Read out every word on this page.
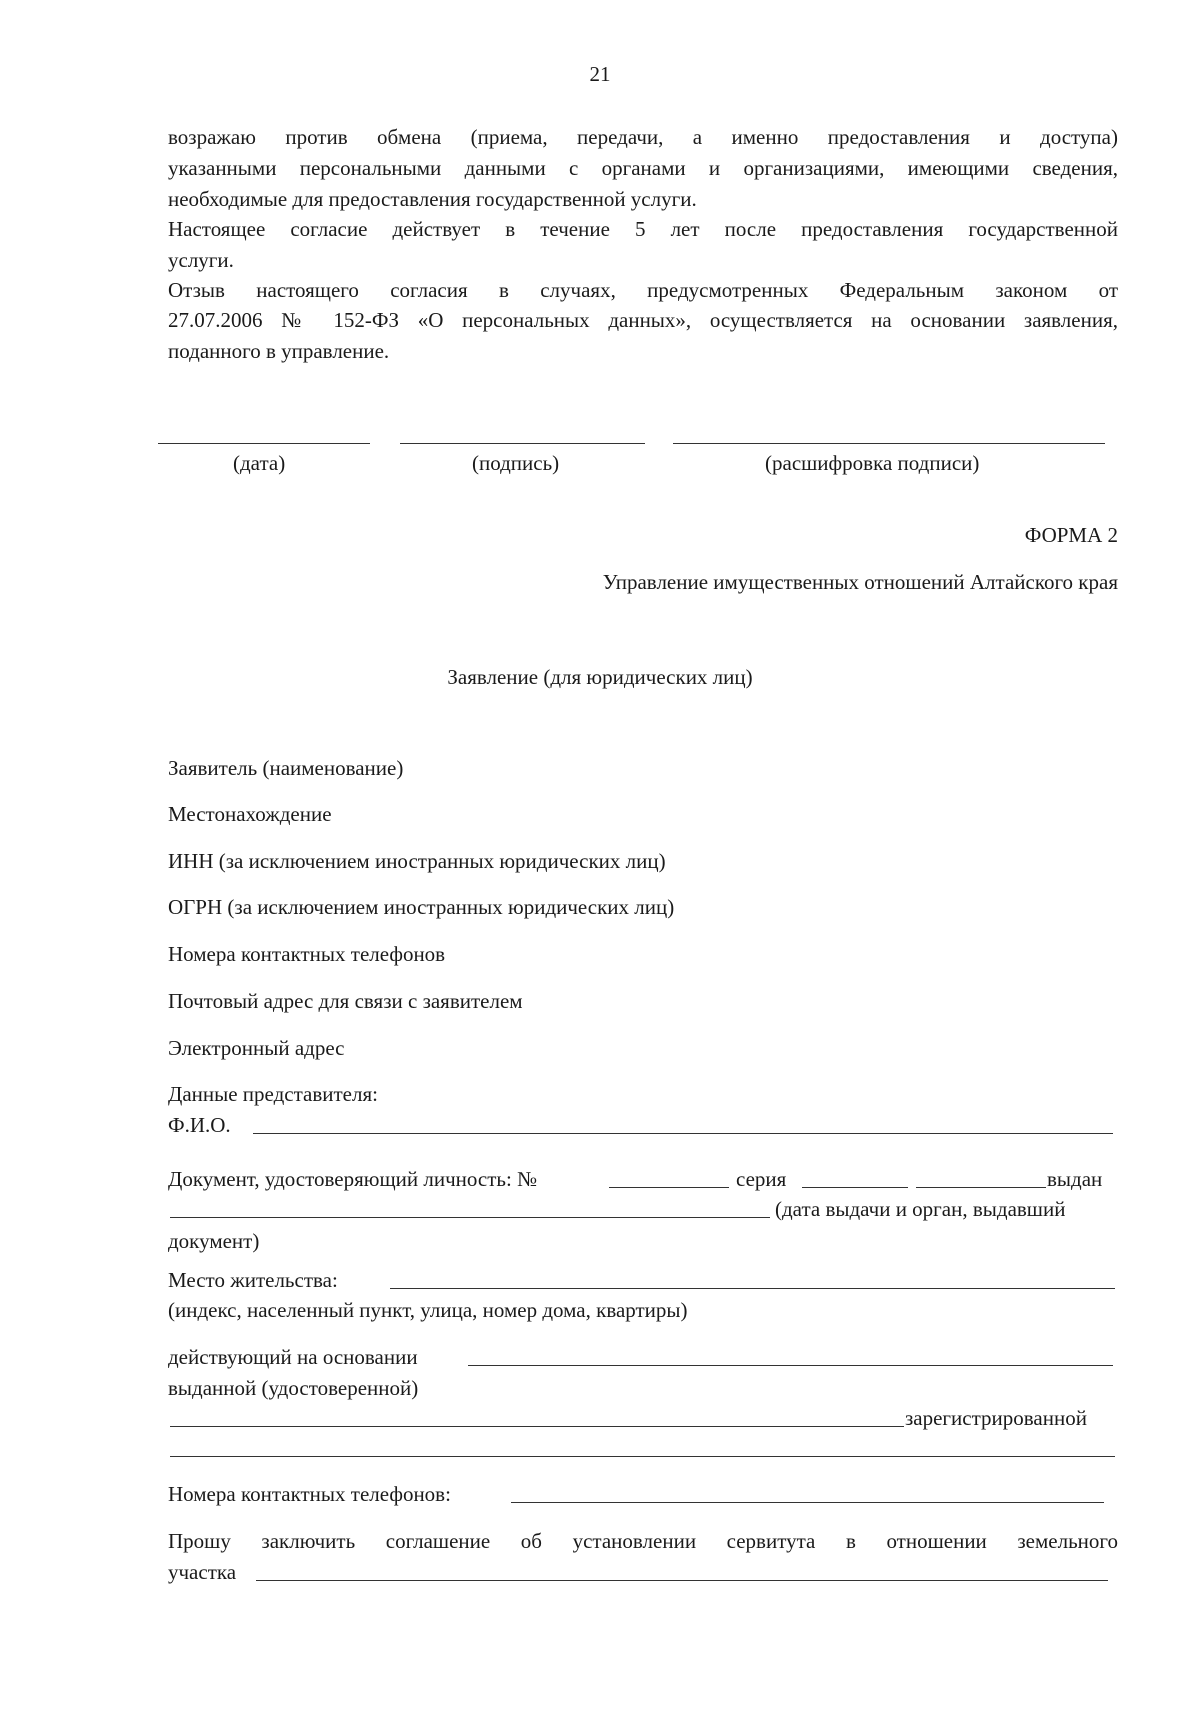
21
возражаю против обмена (приема, передачи, а именно предоставления и доступа)
указанными персональными данными с органами и организациями, имеющими сведения,
необходимые для предоставления государственной услуги.
Настоящее согласие действует в течение 5 лет после предоставления государственной
услуги.
Отзыв настоящего согласия в случаях, предусмотренных Федеральным законом от
27.07.2006 № 152-ФЗ «О персональных данных», осуществляется на основании заявления,
поданного в управление.
(дата)	(подпись)	(расшифровка подписи)
ФОРМА 2
Управление имущественных отношений Алтайского края
Заявление (для юридических лиц)
Заявитель (наименование)
Местонахождение
ИНН (за исключением иностранных юридических лиц)
ОГРН (за исключением иностранных юридических лиц)
Номера контактных телефонов
Почтовый адрес для связи с заявителем
Электронный адрес
Данные представителя:
Ф.И.О.
Документ, удостоверяющий личность: №	серия	выдан
(дата выдачи и орган, выдавший
документ)
Место жительства:
(индекс, населенный пункт, улица, номер дома, квартиры)
действующий на основании
выданной (удостоверенной)
зарегистрированной
Номера контактных телефонов:
Прошу заключить соглашение об установлении сервитута в отношении земельного
участка
